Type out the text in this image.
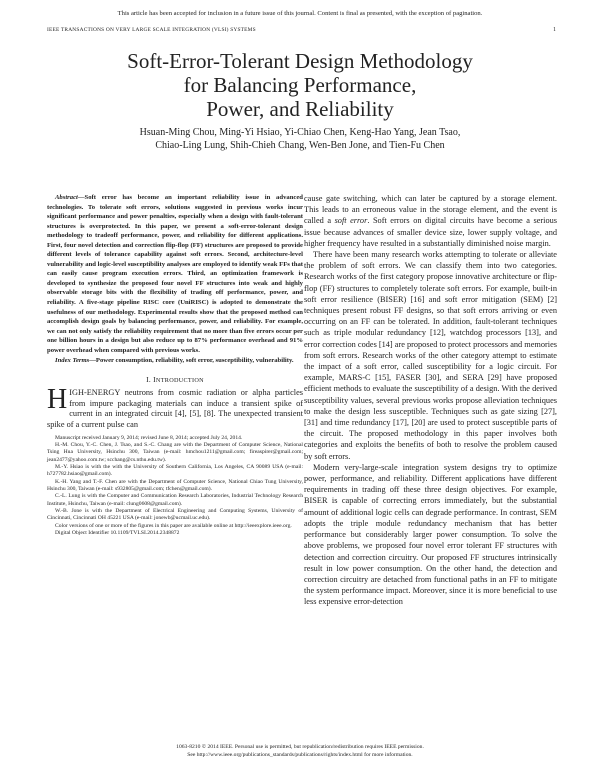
This article has been accepted for inclusion in a future issue of this journal. Content is final as presented, with the exception of pagination.
IEEE TRANSACTIONS ON VERY LARGE SCALE INTEGRATION (VLSI) SYSTEMS	1
Soft-Error-Tolerant Design Methodology
for Balancing Performance,
Power, and Reliability
Hsuan-Ming Chou, Ming-Yi Hsiao, Yi-Chiao Chen, Keng-Hao Yang, Jean Tsao,
Chiao-Ling Lung, Shih-Chieh Chang, Wen-Ben Jone, and Tien-Fu Chen

Abstract—Soft error has become an important reliability issue in advanced technologies. To tolerate soft errors, solutions suggested in previous works incur significant performance and power penalties, especially when a design with fault-tolerant structures is overprotected. In this paper, we present a soft-error-tolerant design methodology to tradeoff performance, power, and reliability for different applications. First, four novel detection and correction flip-flop (FF) structures are proposed to provide different levels of tolerance capability against soft errors. Second, architecture-level vulnerability and logic-level susceptibility analyses are employed to identify weak FFs that can easily cause program execution errors. Third, an optimization framework is developed to synthesize the proposed four novel FF structures into weak and highly observable storage bits with the flexibility of trading off performance, power, and reliability. A five-stage pipeline RISC core (UniRISC) is adopted to demonstrate the usefulness of our methodology. Experimental results show that the proposed method can accomplish design goals by balancing performance, power, and reliability. For example, we can not only satisfy the reliability requirement that no more than five errors occur per one billion hours in a design but also reduce up to 87% performance overhead and 91% power overhead when compared with previous works.

Index Terms—Power consumption, reliability, soft error, susceptibility, vulnerability.

I. INTRODUCTION

HIGH-ENERGY neutrons from cosmic radiation or alpha particles from impure packaging materials can induce a transient spike of current in an integrated circuit [4], [5], [8]. The unexpected transient spike of a current pulse can

Manuscript received January 9, 2014; revised June 8, 2014; accepted July 24, 2014.

H.-M. Chou, Y.-C. Chen, J. Tsao, and S.-C. Chang are with the Department of Computer Science, National Tsing Hua University, Hsinchu 300, Taiwan (e-mail: hmchou1211@gmail.com; fireaspirer@gmail.com; jean2477@yahoo.com.tw; scchang@cs.nthu.edu.tw).

M.-Y. Hsiao is with the with the University of Southern California, Los Angeles, CA 90089 USA (e-mail: h727782.hsiao@gmail.com).

K.-H. Yang and T.-F. Chen are with the Department of Computer Science, National Chiao Tung University, Hsinchu 300, Taiwan (e-mail: s932805@gmail.com; tfchen@gmail.com).

C.-L. Lung is with the Computer and Communication Research Laboratories, Industrial Technology Research Institute, Hsinchu, Taiwan (e-mail: clung0608@gmail.com).

W.-B. Jone is with the Department of Electrical Engineering and Computing Systems, University of Cincinnati, Cincinnati OH 45221 USA (e-mail: jonewb@ucmail.uc.edu).

Color versions of one or more of the figures in this paper are available online at http://ieeexplore.ieee.org.

Digital Object Identifier 10.1109/TVLSI.2014.2348872

cause gate switching, which can later be captured by a storage element. This leads to an erroneous value in the storage element, and the event is called a soft error. Soft errors on digital circuits have become a serious issue because advances of smaller device size, lower supply voltage, and higher frequency have resulted in a substantially diminished noise margin.

There have been many research works attempting to tolerate or alleviate the problem of soft errors. We can classify them into two categories. Research works of the first category propose innovative architecture or flip-flop (FF) structures to completely tolerate soft errors. For example, built-in soft error resilience (BISER) [16] and soft error mitigation (SEM) [2] techniques present robust FF designs, so that soft errors arriving or even occurring on an FF can be tolerated. In addition, fault-tolerant techniques such as triple modular redundancy [12], watchdog processors [13], and error correction codes [14] are proposed to protect processors and memories from soft errors. Research works of the other category attempt to estimate the impact of a soft error, called susceptibility for a logic circuit. For example, MARS-C [15], FASER [30], and SERA [29] have proposed efficient methods to evaluate the susceptibility of a design. With the derived susceptibility values, several previous works propose alleviation techniques to make the design less susceptible. Techniques such as gate sizing [27], [31] and time redundancy [17], [20] are used to protect susceptible parts of the circuit. The proposed methodology in this paper involves both categories and exploits the benefits of both to resolve the problem caused by soft errors.

Modern very-large-scale integration system designs try to optimize power, performance, and reliability. Different applications have different requirements in trading off these three design objectives. For example, BISER is capable of correcting errors immediately, but the substantial amount of additional logic cells can degrade performance. In contrast, SEM adopts the triple module redundancy mechanism that has better performance but considerably larger power consumption. To solve the above problems, we proposed four novel error tolerant FF structures with detection and correction circuitry. Our proposed FF structures intrinsically result in low power consumption. On the other hand, the detection and correction circuitry are detached from functional paths in an FF to mitigate the system performance impact. Moreover, since it is more beneficial to use less expensive error-detection

1063-8210 © 2014 IEEE. Personal use is permitted, but republication/redistribution requires IEEE permission.
See http://www.ieee.org/publications_standards/publications/rights/index.html for more information.
